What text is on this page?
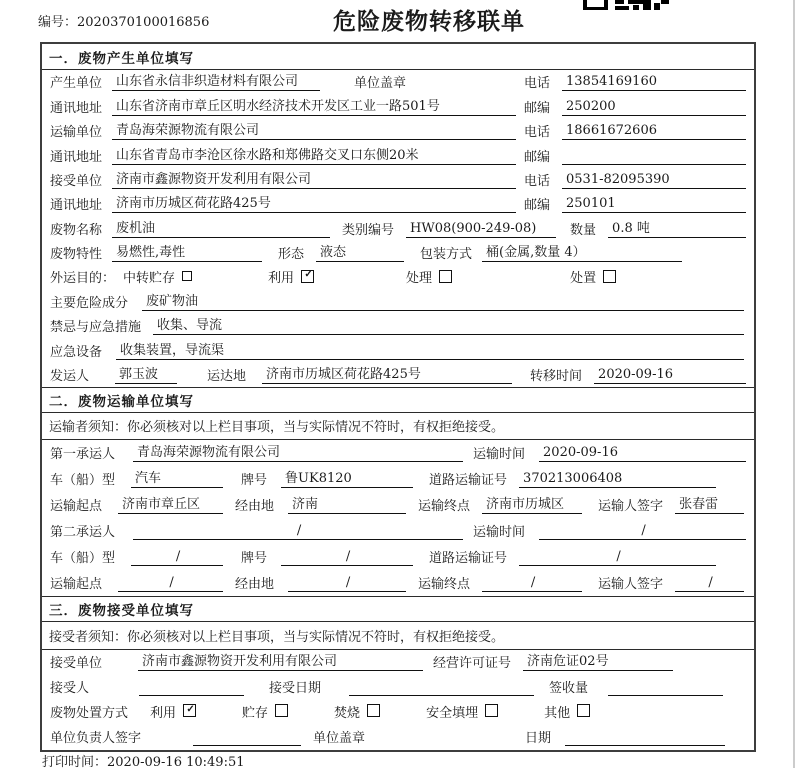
编号：2020370100016856	危险废物转移联单
一．废物产生单位填写
产生单位	山东省永信非织造材料有限公司	单位盖章	电话	13854169160
通讯地址	山东省济南市章丘区明水经济技术开发区工业一路501号	邮编	250200
运输单位	青岛海荣源物流有限公司	电话	18661672606
通讯地址	山东省青岛市李沧区徐水路和郑佛路交叉口东侧20米	邮编
接受单位	济南市鑫源物资开发利用有限公司	电话	0531-82095390
通讯地址	济南市历城区荷花路425号	邮编	250101
废物名称	废机油	类别编号	HW08(900-249-08)	数量	0.8 吨
废物特性	易燃性,毒性	形态	液态	包装方式	桶(金属,数量 4）
外运目的： 中转贮存	利用 ✓	处理	处置
主要危险成分	废矿物油
禁忌与应急措施	收集、导流
应急设备	收集装置，导流渠
发运人	郭玉波	运达地	济南市历城区荷花路425号	转移时间	2020-09-16
二．废物运输单位填写
运输者须知：你必须核对以上栏目事项，当与实际情况不符时，有权拒绝接受。
第一承运人	青岛海荣源物流有限公司	运输时间	2020-09-16
车（船）型	汽车	牌号	鲁UK8120	道路运输证号	370213006408
运输起点	济南市章丘区	经由地	济南	运输终点	济南市历城区	运输人签字	张春雷
第二承运人	/	运输时间	/
车（船）型	/	牌号	/	道路运输证号	/
运输起点	/	经由地	/	运输终点	/	运输人签字	/
三．废物接受单位填写
接受者须知：你必须核对以上栏目事项，当与实际情况不符时，有权拒绝接受。
接受单位	济南市鑫源物资开发利用有限公司	经营许可证号	济南危证02号
接受人	接受日期	签收量
废物处置方式 利用 ✓	贮存	焚烧	安全填埋	其他
单位负责人签字	单位盖章	日期
打印时间：2020-09-16 10:49:51
